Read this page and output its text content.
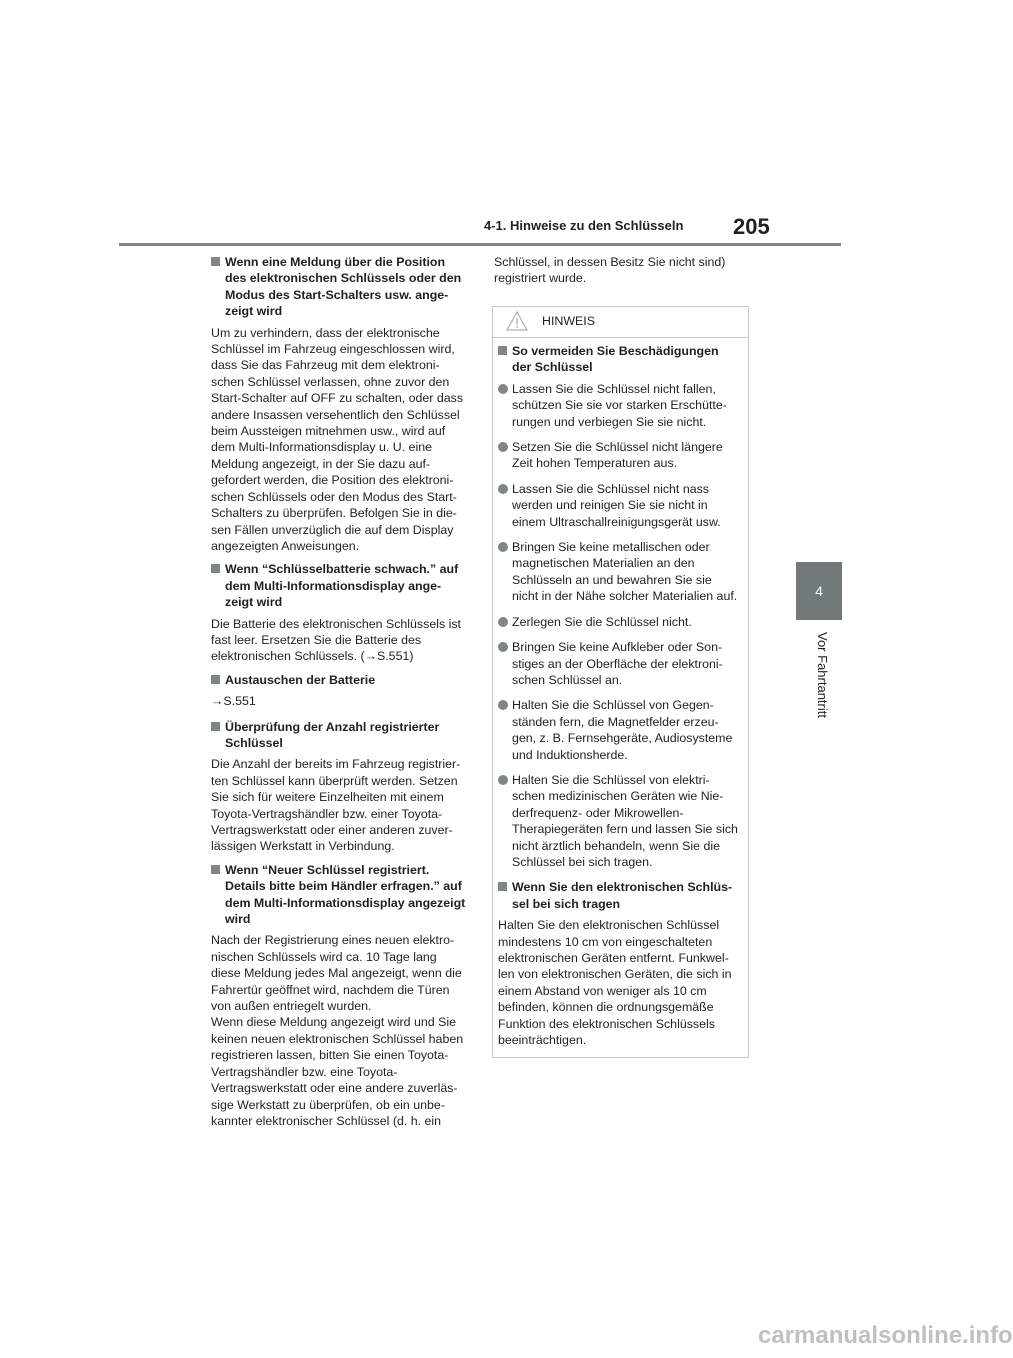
4-1. Hinweise zu den Schlüsseln 205
4
Vor Fahrtantritt
Wenn eine Meldung über die Position des elektronischen Schlüssels oder den Modus des Start-Schalters usw. ange-zeigt wird

Um zu verhindern, dass der elektronische Schlüssel im Fahrzeug eingeschlossen wird, dass Sie das Fahrzeug mit dem elektroni-schen Schlüssel verlassen, ohne zuvor den Start-Schalter auf OFF zu schalten, oder dass andere Insassen versehentlich den Schlüssel beim Aussteigen mitnehmen usw., wird auf dem Multi-Informationsdisplay u. U. eine Meldung angezeigt, in der Sie dazu auf-gefordert werden, die Position des elektroni-schen Schlüssels oder den Modus des Start-Schalters zu überprüfen. Befolgen Sie in die-sen Fällen unverzüglich die auf dem Display angezeigten Anweisungen.

Wenn “Schlüsselbatterie schwach.” auf dem Multi-Informationsdisplay ange-zeigt wird

Die Batterie des elektronischen Schlüssels ist fast leer. Ersetzen Sie die Batterie des elektronischen Schlüssels. (→S.551)

Austauschen der Batterie

→S.551

Überprüfung der Anzahl registrierter Schlüssel

Die Anzahl der bereits im Fahrzeug registrier-ten Schlüssel kann überprüft werden. Setzen Sie sich für weitere Einzelheiten mit einem Toyota-Vertragshändler bzw. einer Toyota-Vertragswerkstatt oder einer anderen zuver-lässigen Werkstatt in Verbindung.

Wenn “Neuer Schlüssel registriert. Details bitte beim Händler erfragen.” auf dem Multi-Informationsdisplay angezeigt wird

Nach der Registrierung eines neuen elektro-nischen Schlüssels wird ca. 10 Tage lang diese Meldung jedes Mal angezeigt, wenn die Fahrertür geöffnet wird, nachdem die Türen von außen entriegelt wurden.

Wenn diese Meldung angezeigt wird und Sie keinen neuen elektronischen Schlüssel haben registrieren lassen, bitten Sie einen Toyota-Vertragshändler bzw. eine Toyota-Vertragswerkstatt oder eine andere zuverläs-sige Werkstatt zu überprüfen, ob ein unbe-kannter elektronischer Schlüssel (d. h. ein

Schlüssel, in dessen Besitz Sie nicht sind) registriert wurde.

HINWEIS
So vermeiden Sie Beschädigungen der Schlüssel
Lassen Sie die Schlüssel nicht fallen, schützen Sie sie vor starken Erschütte-rungen und verbiegen Sie sie nicht.
Setzen Sie die Schlüssel nicht längere Zeit hohen Temperaturen aus.
Lassen Sie die Schlüssel nicht nass werden und reinigen Sie sie nicht in einem Ultraschallreinigungsgerät usw.
Bringen Sie keine metallischen oder magnetischen Materialien an den Schlüsseln an und bewahren Sie sie nicht in der Nähe solcher Materialien auf.
Zerlegen Sie die Schlüssel nicht.
Bringen Sie keine Aufkleber oder Son-stiges an der Oberfläche der elektroni-schen Schlüssel an.
Halten Sie die Schlüssel von Gegen-ständen fern, die Magnetfelder erzeu-gen, z. B. Fernsehgeräte, Audiosysteme und Induktionsherde.
Halten Sie die Schlüssel von elektri-schen medizinischen Geräten wie Nie-derfrequenz- oder Mikrowellen-Therapiegeräten fern und lassen Sie sich nicht ärztlich behandeln, wenn Sie die Schlüssel bei sich tragen.
Wenn Sie den elektronischen Schlüs-sel bei sich tragen

Halten Sie den elektronischen Schlüssel mindestens 10 cm von eingeschalteten elektronischen Geräten entfernt. Funkwel-len von elektronischen Geräten, die sich in einem Abstand von weniger als 10 cm befinden, können die ordnungsgemäße Funktion des elektronischen Schlüssels beeinträchtigen.

carmanualsonline.info
